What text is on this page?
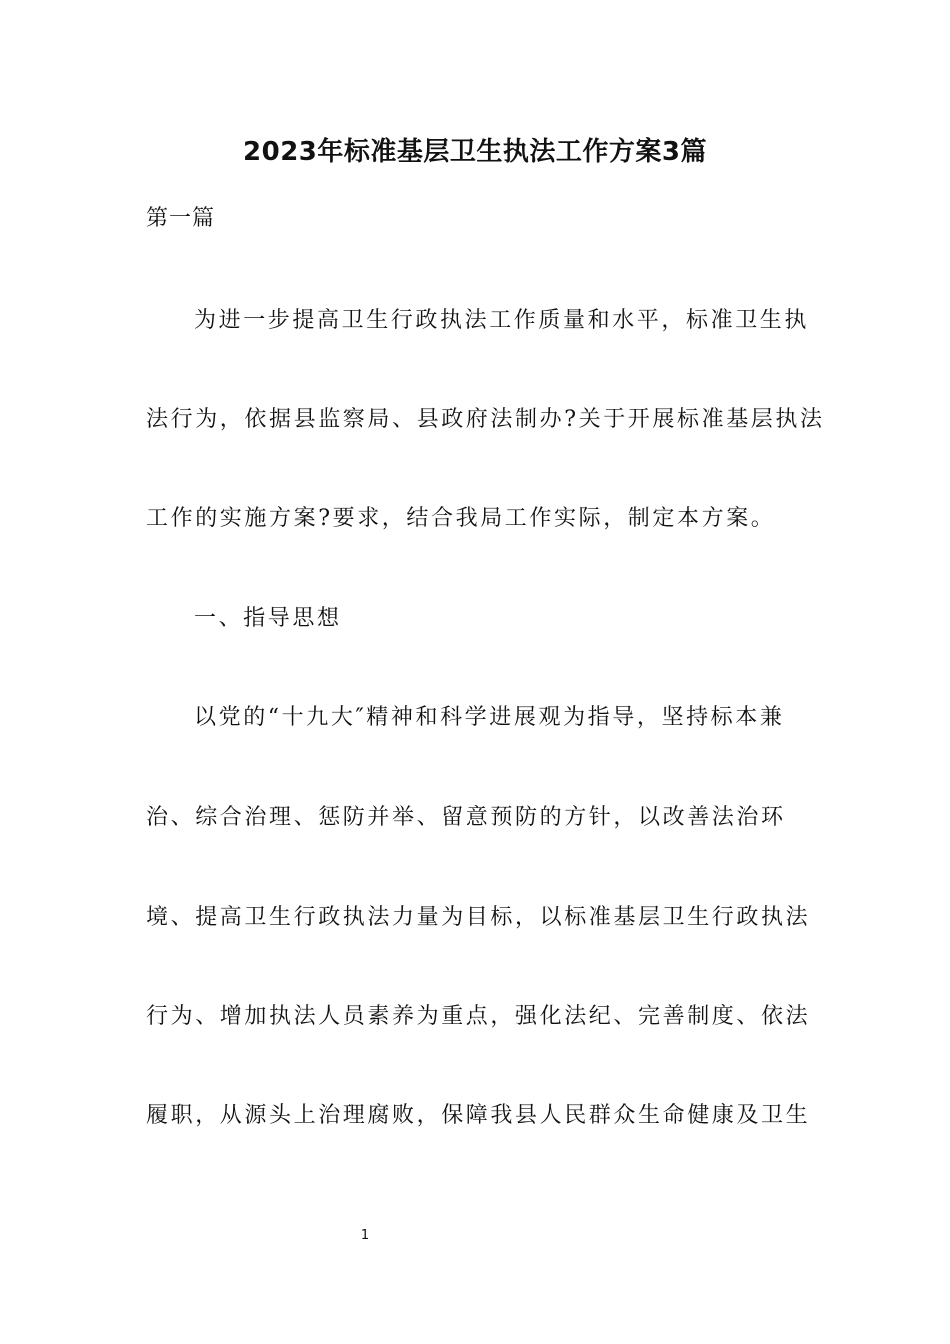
2023年标准基层卫生执法工作方案3篇
第一篇
为进一步提高卫生行政执法工作质量和水平，标准卫生执
法行为，依据县监察局、县政府法制办?关于开展标准基层执法
工作的实施方案?要求，结合我局工作实际，制定本方案。
一、指导思想
以党的“十九大″精神和科学进展观为指导，坚持标本兼
治、综合治理、惩防并举、留意预防的方针，以改善法治环
境、提高卫生行政执法力量为目标，以标准基层卫生行政执法
行为、增加执法人员素养为重点，强化法纪、完善制度、依法
履职，从源头上治理腐败，保障我县人民群众生命健康及卫生
1
